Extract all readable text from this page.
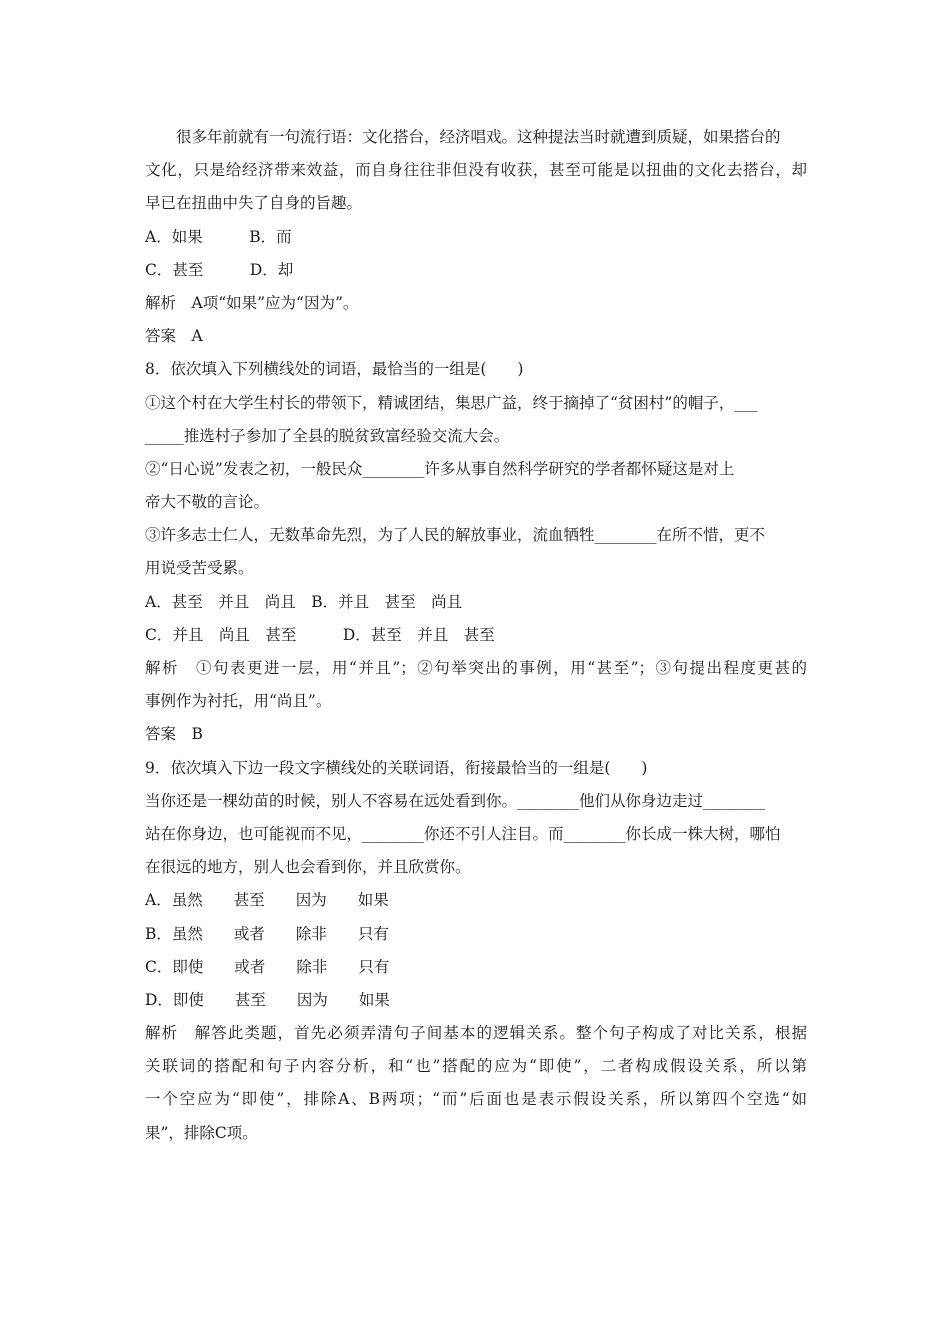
很多年前就有一句流行语：文化搭台，经济唱戏。这种提法当时就遭到质疑，如果搭台的
文化，只是给经济带来效益，而自身往往非但没有收获，甚至可能是以扭曲的文化去搭台，却
早已在扭曲中失了自身的旨趣。
A．如果　　　B．而
C．甚至　　　D．却
解析　A项“如果”应为“因为”。
答案　A
8．依次填入下列横线处的词语，最恰当的一组是(　　)
①这个村在大学生村长的带领下，精诚团结，集思广益，终于摘掉了“贫困村”的帽子，___
_____推选村子参加了全县的脱贫致富经验交流大会。
②“日心说”发表之初，一般民众________许多从事自然科学研究的学者都怀疑这是对上
帝大不敬的言论。
③许多志士仁人，无数革命先烈，为了人民的解放事业，流血牺牲________在所不惜，更不
用说受苦受累。
A．甚至　并且　尚且　B．并且　甚至　尚且
C．并且　尚且　甚至　　　D．甚至　并且　甚至
解析　①句表更进一层，用“并且”；②句举突出的事例，用“甚至”；③句提出程度更甚的
事例作为衬托，用“尚且”。
答案　B
9．依次填入下边一段文字横线处的关联词语，衔接最恰当的一组是(　　)
当你还是一棵幼苗的时候，别人不容易在远处看到你。________他们从你身边走过________
站在你身边，也可能视而不见，________你还不引人注目。而________你长成一株大树，哪怕
在很远的地方，别人也会看到你，并且欣赏你。
A．虽然　　甚至　　因为　　如果
B．虽然　　或者　　除非　　只有
C．即使　　或者　　除非　　只有
D．即使　　甚至　　因为　　如果
解析　解答此类题，首先必须弄清句子间基本的逻辑关系。整个句子构成了对比关系，根据
关联词的搭配和句子内容分析，和“也”搭配的应为“即使”，二者构成假设关系，所以第
一个空应为“即使”，排除A、B两项；“而”后面也是表示假设关系，所以第四个空选“如
果”，排除C项。
